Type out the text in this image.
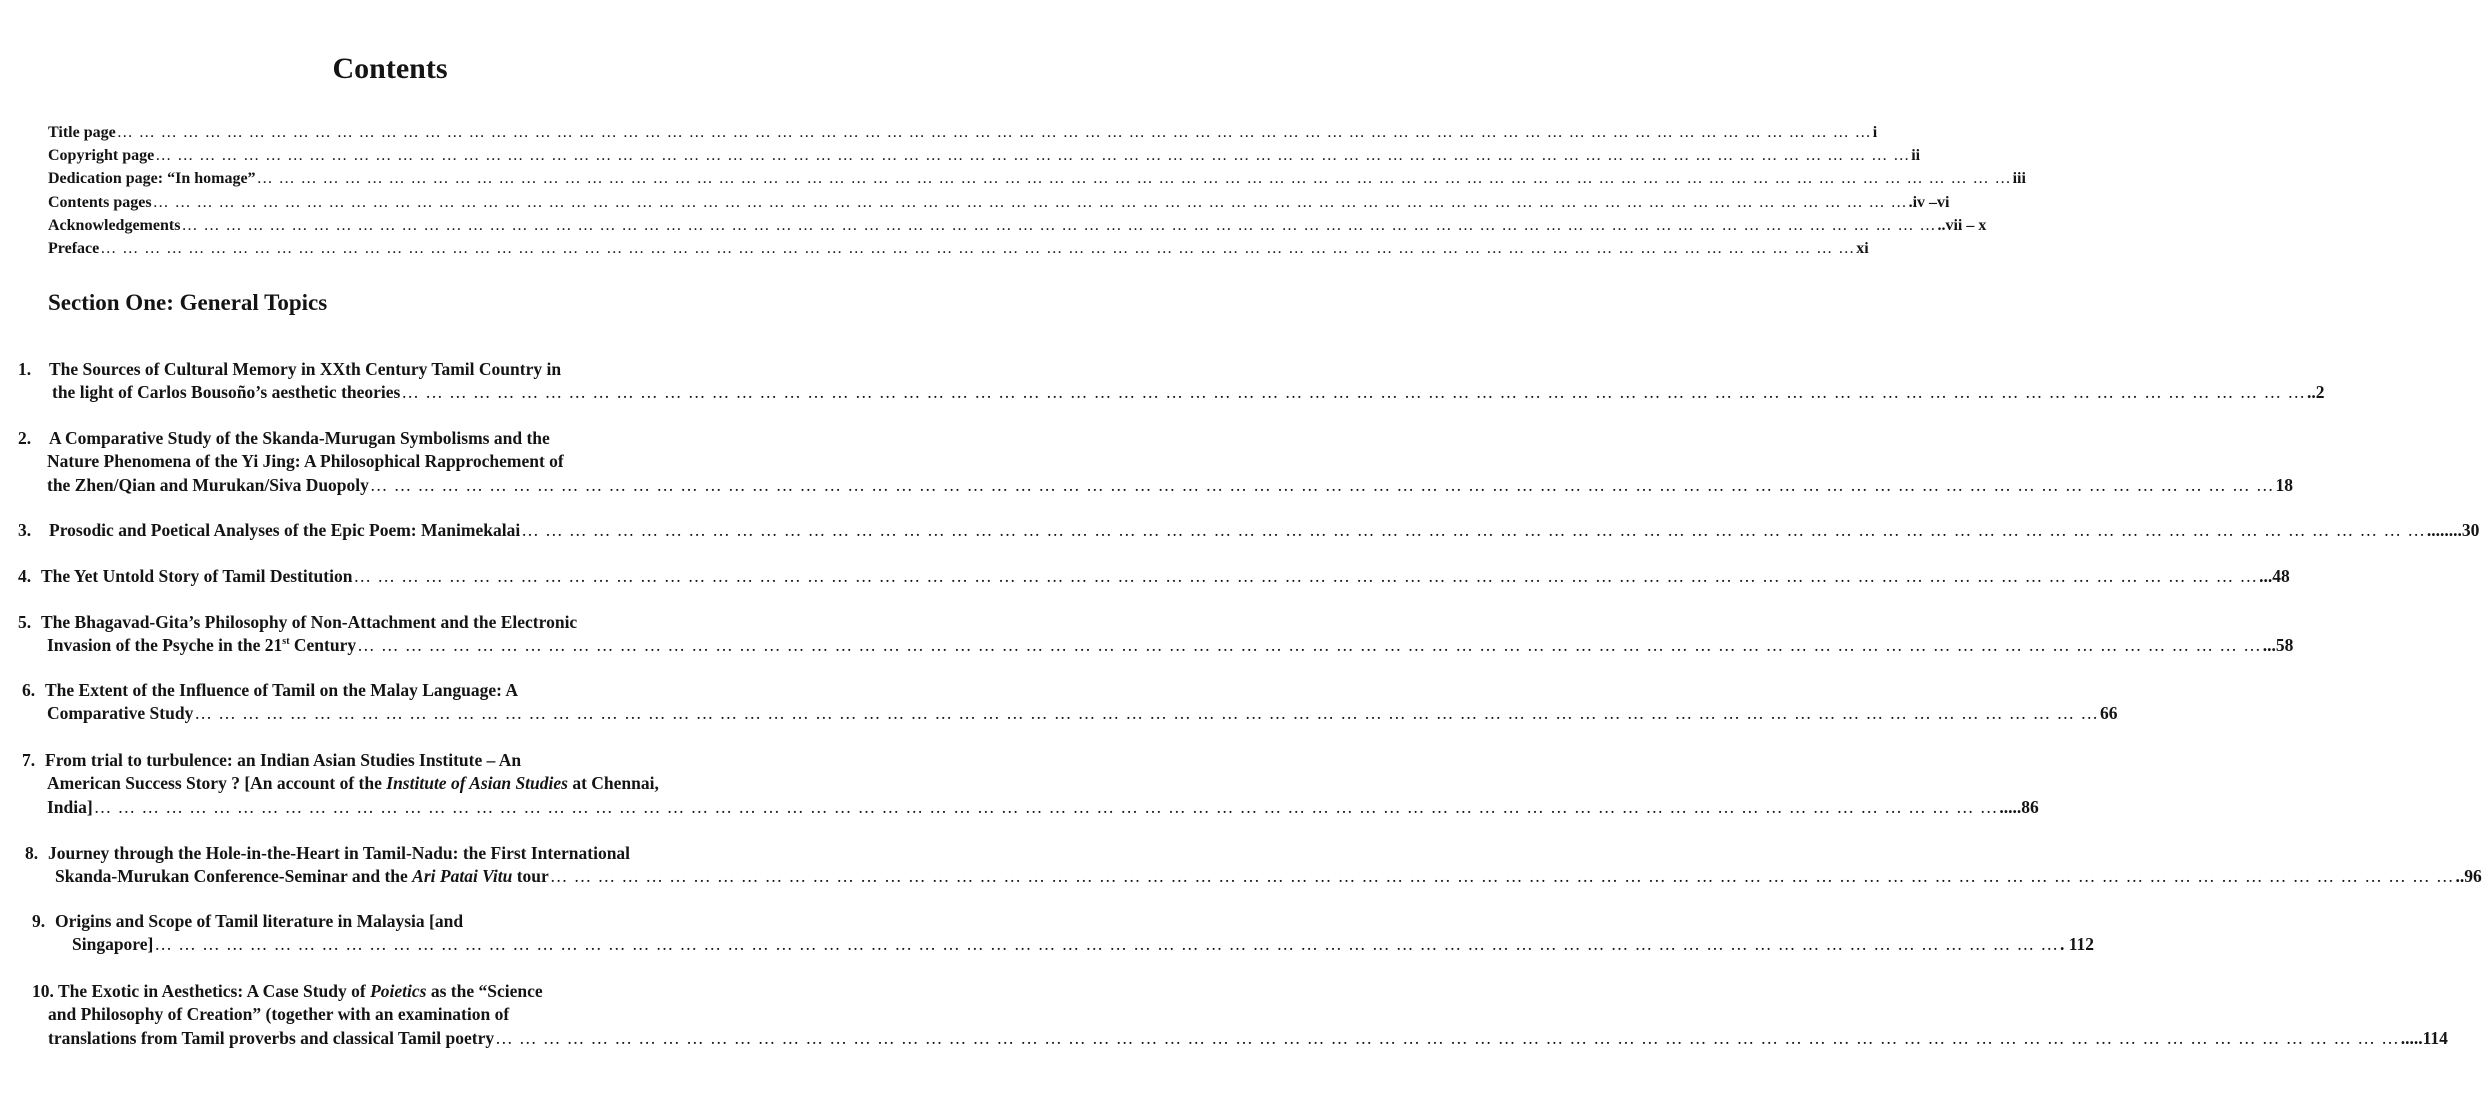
Contents
Title page … … … … … … … … … … … … … … … … … … … … … … … … … … … … … … … … … … … … … … … … … … … … … … … … … … … … … … … … … … … … … … … … … … … … … … … … … … … … … … … … i
Copyright page … … … … … … … … … … … … … … … … … … … … … … … … … … … … … … … … … … … … … … … … … … … … … … … … … … … … … … … … … … … … … … … … … … … … … … … … … … … … … … … … ii
Dedication page: “In homage” … … … … … … … … … … … … … … … … … … … … … … … … … … … … … … … … … … … … … … … … … … … … … … … … … … … … … … … … … … … … … … … … … … … … … … … … … … … … … … … … iii
Contents pages … … … … … … … … … … … … … … … … … … … … … … … … … … … … … … … … … … … … … … … … … … … … … … … … … … … … … … … … … … … … … … … … … … … … … … … … … … … … … … … … .iv –vi
Acknowledgements … … … … … … … … … … … … … … … … … … … … … … … … … … … … … … … … … … … … … … … … … … … … … … … … … … … … … … … … … … … … … … … … … … … … … … … … … … … … … … … … ..vii – x
Preface … … … … … … … … … … … … … … … … … … … … … … … … … … … … … … … … … … … … … … … … … … … … … … … … … … … … … … … … … … … … … … … … … … … … … … … … … … … … … … … … xi
Section One: General Topics
1.	The Sources of Cultural Memory in XXth Century Tamil Country in
the light of Carlos Bousoño’s aesthetic theories … … … … … … … … … … … … … … … … … … … … … … … … … … … … … … … … … … … … … … … … … … … … … … … … … … … … … … … … … … … … … … … … … … … … … … … … … … … … … … … … ..2
2.	A Comparative Study of the Skanda-Murugan Symbolisms and the
Nature Phenomena of the Yi Jing: A Philosophical Rapprochement of
the Zhen/Qian and Murukan/Siva Duopoly … … … … … … … … … … … … … … … … … … … … … … … … … … … … … … … … … … … … … … … … … … … … … … … … … … … … … … … … … … … … … … … … … … … … … … … … … … … … … … … … 18
3.	Prosodic and Poetical Analyses of the Epic Poem: Manimekalai … … … … … … … … … … … … … … … … … … … … … … … … … … … … … … … … … … … … … … … … … … … … … … … … … … … … … … … … … … … … … … … … … … … … … … … … … … … … … … … … ........30
4. The Yet Untold Story of Tamil Destitution … … … … … … … … … … … … … … … … … … … … … … … … … … … … … … … … … … … … … … … … … … … … … … … … … … … … … … … … … … … … … … … … … … … … … … … … … … … … … … … … ...48
5. The Bhagavad-Gita’s Philosophy of Non-Attachment and the Electronic
Invasion of the Psyche in the 21st Century … … … … … … … … … … … … … … … … … … … … … … … … … … … … … … … … … … … … … … … … … … … … … … … … … … … … … … … … … … … … … … … … … … … … … … … … … … … … … … … … ...58
6. The Extent of the Influence of Tamil on the Malay Language: A
Comparative Study … … … … … … … … … … … … … … … … … … … … … … … … … … … … … … … … … … … … … … … … … … … … … … … … … … … … … … … … … … … … … … … … … … … … … … … … … … … … … … … … 66
7. From trial to turbulence: an Indian Asian Studies Institute – An
American Success Story ? [An account of the Institute of Asian Studies at Chennai,
India] … … … … … … … … … … … … … … … … … … … … … … … … … … … … … … … … … … … … … … … … … … … … … … … … … … … … … … … … … … … … … … … … … … … … … … … … … … … … … … … … .....86
8. Journey through the Hole-in-the-Heart in Tamil-Nadu: the First International
Skanda-Murukan Conference-Seminar and the Ari Patai Vitu tour … … … … … … … … … … … … … … … … … … … … … … … … … … … … … … … … … … … … … … … … … … … … … … … … … … … … … … … … … … … … … … … … … … … … … … … … … … … … … … … … ..96
9. Origins and Scope of Tamil literature in Malaysia [and
Singapore] … … … … … … … … … … … … … … … … … … … … … … … … … … … … … … … … … … … … … … … … … … … … … … … … … … … … … … … … … … … … … … … … … … … … … … … … … … … … … … … … . 112
10. The Exotic in Aesthetics: A Case Study of Poietics as the “Science
and Philosophy of Creation” (together with an examination of
translations from Tamil proverbs and classical Tamil poetry … … … … … … … … … … … … … … … … … … … … … … … … … … … … … … … … … … … … … … … … … … … … … … … … … … … … … … … … … … … … … … … … … … … … … … … … … … … … … … … … .....114
